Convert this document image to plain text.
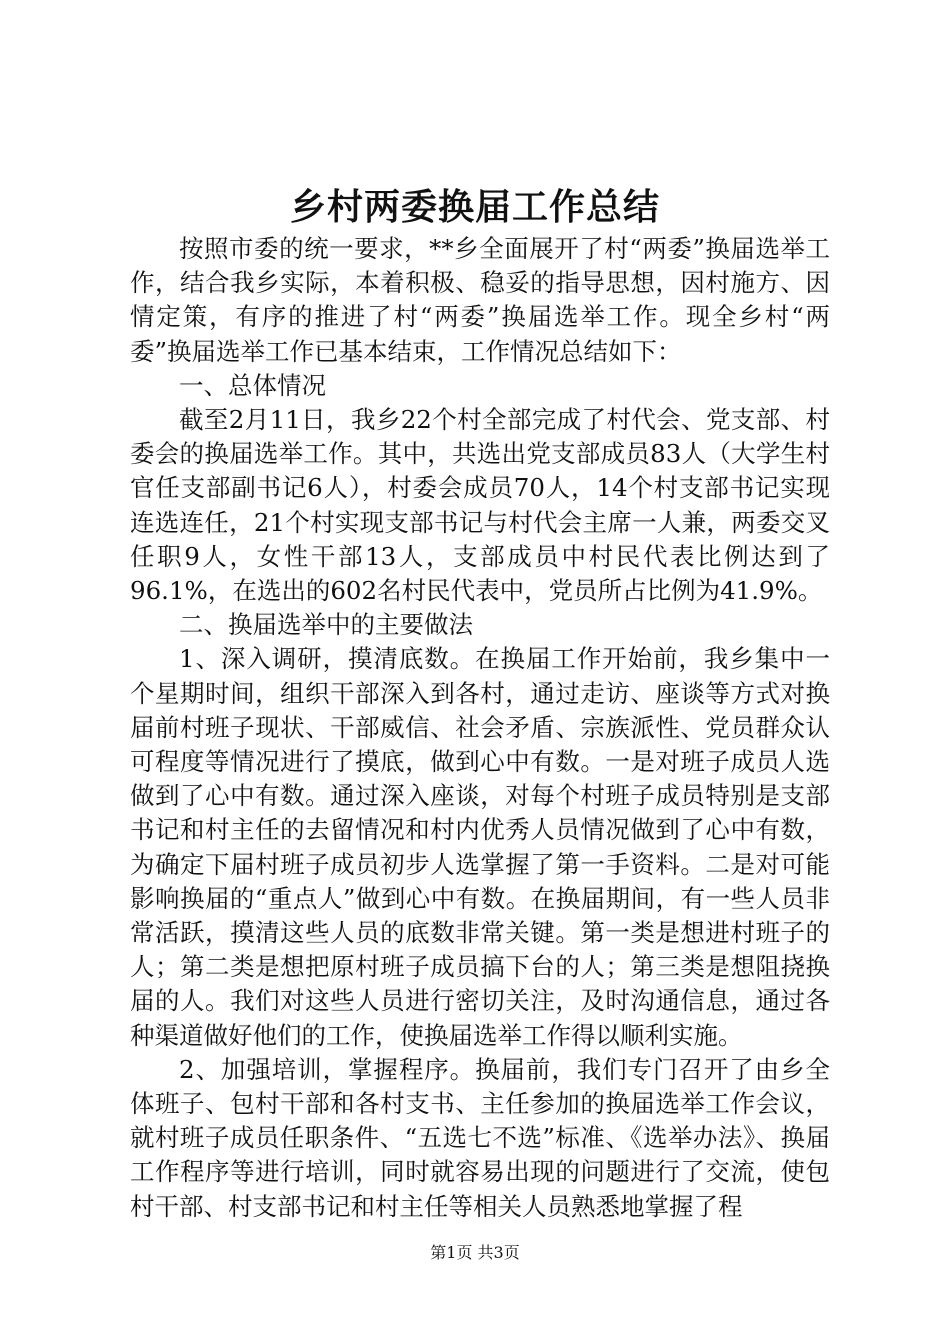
乡村两委换届工作总结

按照市委的统一要求，**乡全面展开了村“两委”换届选举工作，结合我乡实际，本着积极、稳妥的指导思想，因村施方、因情定策，有序的推进了村“两委”换届选举工作。现全乡村“两委”换届选举工作已基本结束，工作情况总结如下：

一、总体情况

截至2月11日，我乡22个村全部完成了村代会、党支部、村委会的换届选举工作。其中，共选出党支部成员83人（大学生村官任支部副书记6人），村委会成员70人，14个村支部书记实现连选连任，21个村实现支部书记与村代会主席一人兼，两委交叉任职9人，女性干部13人，支部成员中村民代表比例达到了96.1%，在选出的602名村民代表中，党员所占比例为41.9%。

二、换届选举中的主要做法

1、深入调研，摸清底数。在换届工作开始前，我乡集中一个星期时间，组织干部深入到各村，通过走访、座谈等方式对换届前村班子现状、干部威信、社会矛盾、宗族派性、党员群众认可程度等情况进行了摸底，做到心中有数。一是对班子成员人选做到了心中有数。通过深入座谈，对每个村班子成员特别是支部书记和村主任的去留情况和村内优秀人员情况做到了心中有数，为确定下届村班子成员初步人选掌握了第一手资料。二是对可能影响换届的“重点人”做到心中有数。在换届期间，有一些人员非常活跃，摸清这些人员的底数非常关键。第一类是想进村班子的人；第二类是想把原村班子成员搞下台的人；第三类是想阻挠换届的人。我们对这些人员进行密切关注，及时沟通信息，通过各种渠道做好他们的工作，使换届选举工作得以顺利实施。

2、加强培训，掌握程序。换届前，我们专门召开了由乡全体班子、包村干部和各村支书、主任参加的换届选举工作会议，就村班子成员任职条件、“五选七不选”标准、《选举办法》、换届工作程序等进行培训，同时就容易出现的问题进行了交流，使包村干部、村支部书记和村主任等相关人员熟悉地掌握了程

第1页 共3页
